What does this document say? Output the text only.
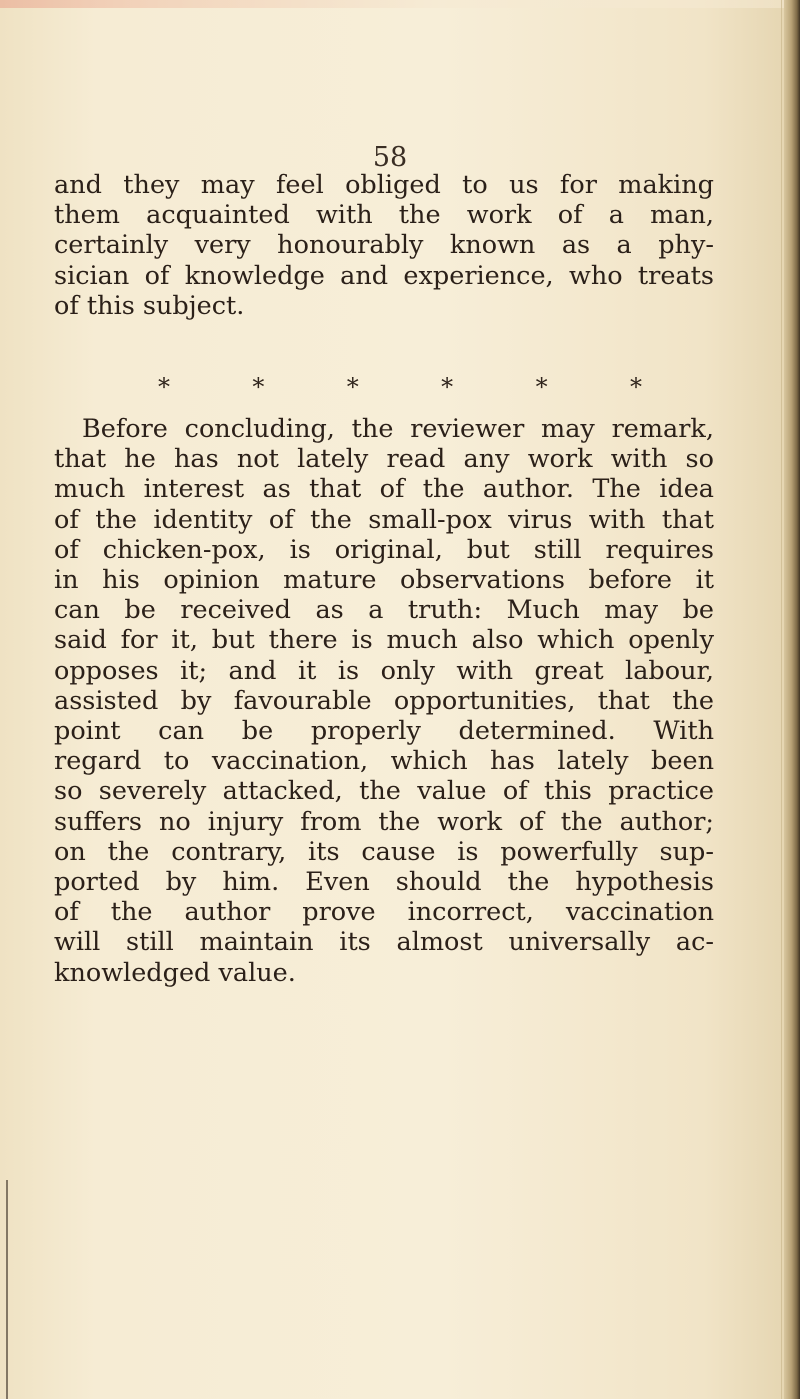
58
and they may feel obliged to us for making
them acquainted with the work of a man,
certainly very honourably known as a phy-
sician of knowledge and experience, who treats
of this subject.
*	*	*	*	*	*
Before concluding, the reviewer may remark,
that he has not lately read any work with so
much interest as that of the author. The idea
of the identity of the small-pox virus with that
of chicken-pox, is original, but still requires
in his opinion mature observations before it
can be received as a truth: Much may be
said for it, but there is much also which openly
opposes it; and it is only with great labour,
assisted by favourable opportunities, that the
point can be properly determined. With
regard to vaccination, which has lately been
so severely attacked, the value of this practice
suffers no injury from the work of the author;
on the contrary, its cause is powerfully sup-
ported by him. Even should the hypothesis
of the author prove incorrect, vaccination
will still maintain its almost universally ac-
knowledged value.
